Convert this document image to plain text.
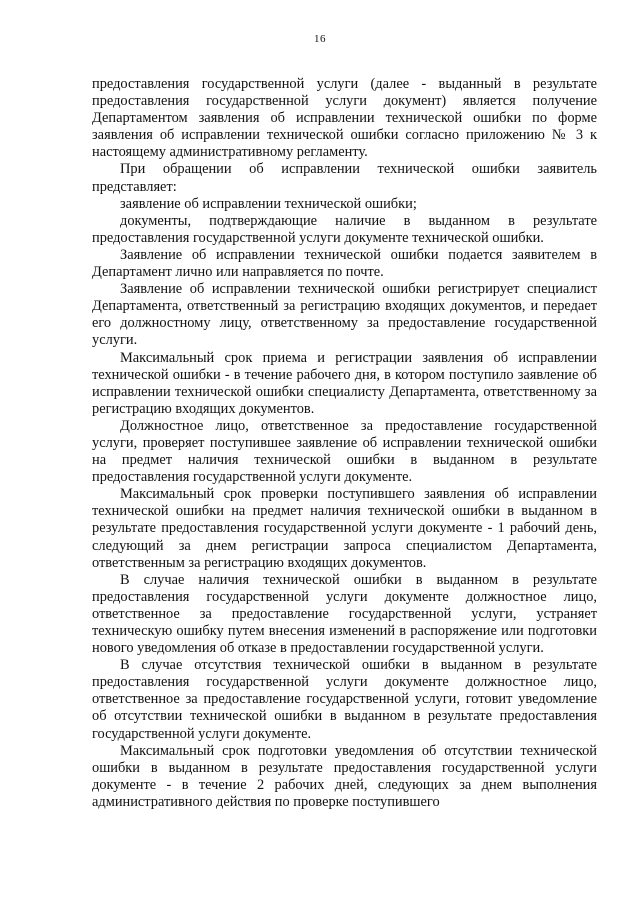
16

предоставления государственной услуги (далее - выданный в результате предоставления государственной услуги документ) является получение Департаментом заявления об исправлении технической ошибки по форме заявления об исправлении технической ошибки согласно приложению № 3 к настоящему административному регламенту.

При обращении об исправлении технической ошибки заявитель представляет:

заявление об исправлении технической ошибки;

документы, подтверждающие наличие в выданном в результате предоставления государственной услуги документе технической ошибки.

Заявление об исправлении технической ошибки подается заявителем в Департамент лично или направляется по почте.

Заявление об исправлении технической ошибки регистрирует специалист Департамента, ответственный за регистрацию входящих документов, и передает его должностному лицу, ответственному за предоставление государственной услуги.

Максимальный срок приема и регистрации заявления об исправлении технической ошибки - в течение рабочего дня, в котором поступило заявление об исправлении технической ошибки специалисту Департамента, ответственному за регистрацию входящих документов.

Должностное лицо, ответственное за предоставление государственной услуги, проверяет поступившее заявление об исправлении технической ошибки на предмет наличия технической ошибки в выданном в результате предоставления государственной услуги документе.

Максимальный срок проверки поступившего заявления об исправлении технической ошибки на предмет наличия технической ошибки в выданном в результате предоставления государственной услуги документе - 1 рабочий день, следующий за днем регистрации запроса специалистом Департамента, ответственным за регистрацию входящих документов.

В случае наличия технической ошибки в выданном в результате предоставления государственной услуги документе должностное лицо, ответственное за предоставление государственной услуги, устраняет техническую ошибку путем внесения изменений в распоряжение или подготовки нового уведомления об отказе в предоставлении государственной услуги.

В случае отсутствия технической ошибки в выданном в результате предоставления государственной услуги документе должностное лицо, ответственное за предоставление государственной услуги, готовит уведомление об отсутствии технической ошибки в выданном в результате предоставления государственной услуги документе.

Максимальный срок подготовки уведомления об отсутствии технической ошибки в выданном в результате предоставления государственной услуги документе - в течение 2 рабочих дней, следующих за днем выполнения административного действия по проверке поступившего
